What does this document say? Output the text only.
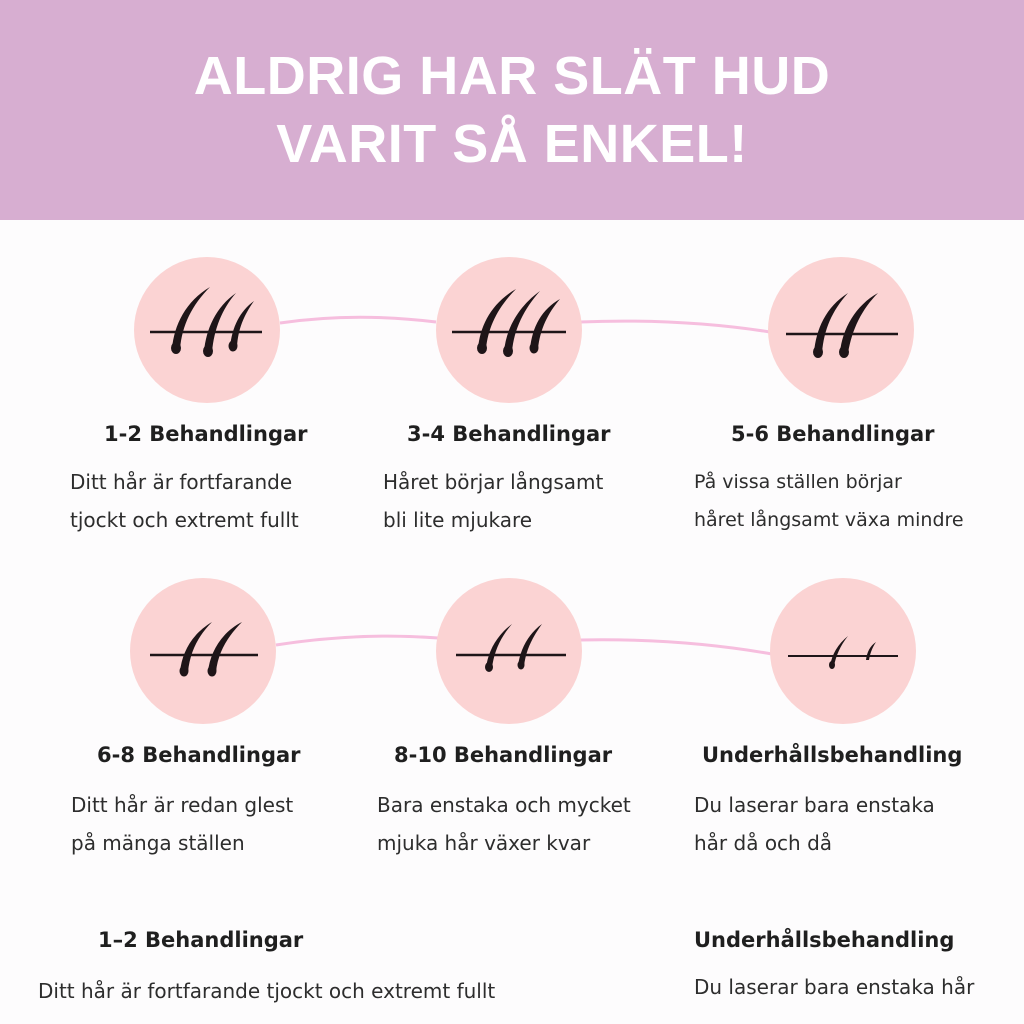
ALDRIG HAR SLÄT HUD
VARIT SÅ ENKEL!
1-2 Behandlingar

Ditt hår är fortfarande
tjockt och extremt fullt

3-4 Behandlingar

Håret börjar långsamt
bli lite mjukare

5-6 Behandlingar

På vissa ställen börjar
håret långsamt växa mindre

6-8 Behandlingar

Ditt hår är redan glest
på mänga ställen

8-10 Behandlingar

Bara enstaka och mycket
mjuka hår växer kvar

Underhållsbehandling

Du laserar bara enstaka
hår då och då

1–2 Behandlingar

Ditt hår är fortfarande tjockt och extremt fullt

Underhållsbehandling

Du laserar bara enstaka hår
